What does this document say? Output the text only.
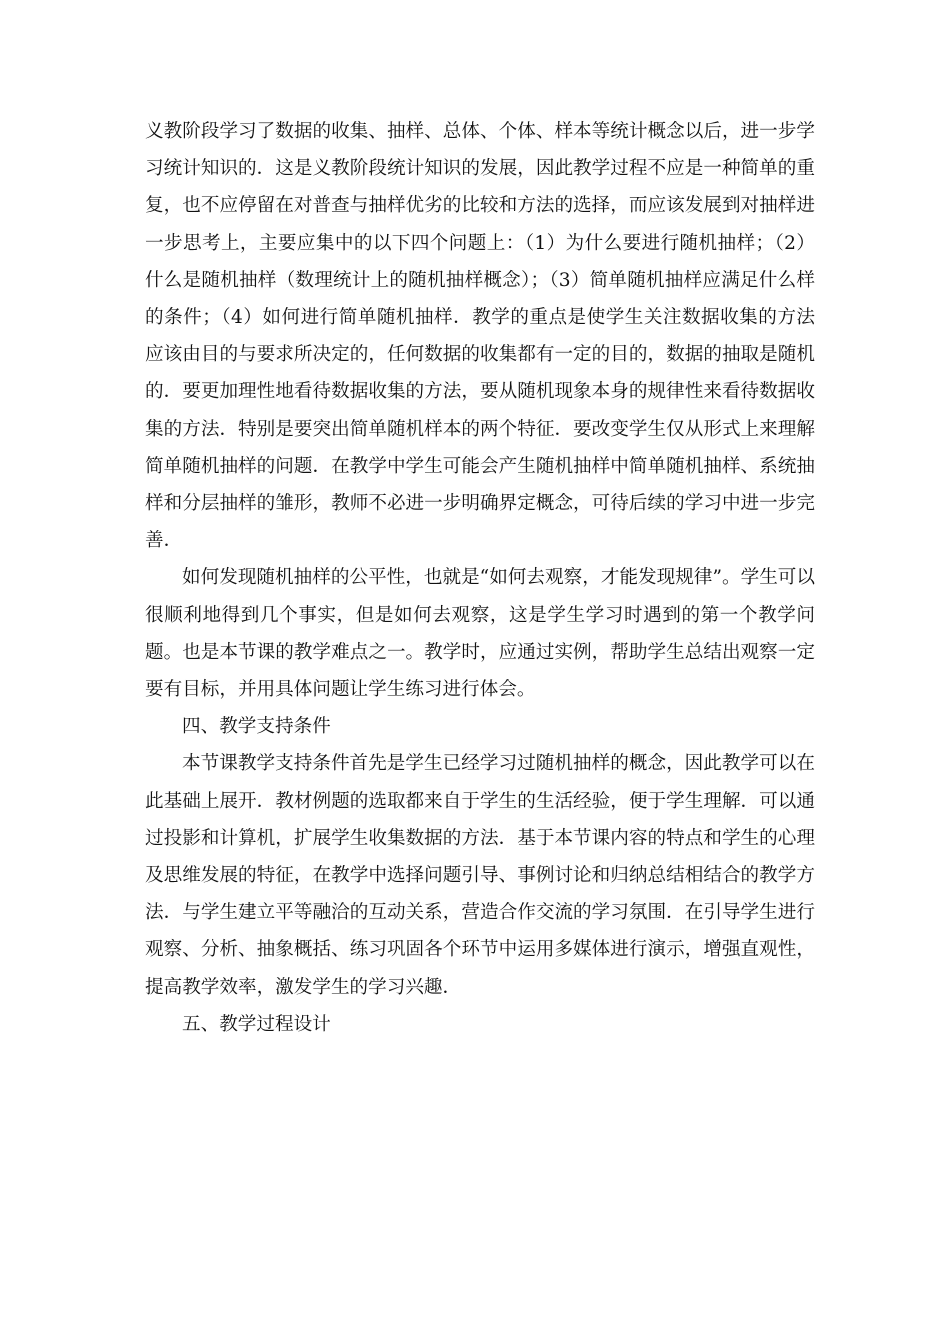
义教阶段学习了数据的收集、抽样、总体、个体、样本等统计概念以后，进一步学习统计知识的．这是义教阶段统计知识的发展，因此教学过程不应是一种简单的重复，也不应停留在对普查与抽样优劣的比较和方法的选择，而应该发展到对抽样进一步思考上，主要应集中的以下四个问题上：（1）为什么要进行随机抽样；（2）什么是随机抽样（数理统计上的随机抽样概念）；（3）简单随机抽样应满足什么样的条件；（4）如何进行简单随机抽样．教学的重点是使学生关注数据收集的方法应该由目的与要求所决定的，任何数据的收集都有一定的目的，数据的抽取是随机的．要更加理性地看待数据收集的方法，要从随机现象本身的规律性来看待数据收集的方法．特别是要突出简单随机样本的两个特征．要改变学生仅从形式上来理解简单随机抽样的问题．在教学中学生可能会产生随机抽样中简单随机抽样、系统抽样和分层抽样的雏形，教师不必进一步明确界定概念，可待后续的学习中进一步完善．

如何发现随机抽样的公平性，也就是“如何去观察，才能发现规律”。学生可以很顺利地得到几个事实，但是如何去观察，这是学生学习时遇到的第一个教学问题。也是本节课的教学难点之一。教学时，应通过实例，帮助学生总结出观察一定要有目标，并用具体问题让学生练习进行体会。

四、教学支持条件

本节课教学支持条件首先是学生已经学习过随机抽样的概念，因此教学可以在此基础上展开．教材例题的选取都来自于学生的生活经验，便于学生理解．可以通过投影和计算机，扩展学生收集数据的方法．基于本节课内容的特点和学生的心理及思维发展的特征，在教学中选择问题引导、事例讨论和归纳总结相结合的教学方法．与学生建立平等融洽的互动关系，营造合作交流的学习氛围．在引导学生进行观察、分析、抽象概括、练习巩固各个环节中运用多媒体进行演示，增强直观性，提高教学效率，激发学生的学习兴趣．

五、教学过程设计
